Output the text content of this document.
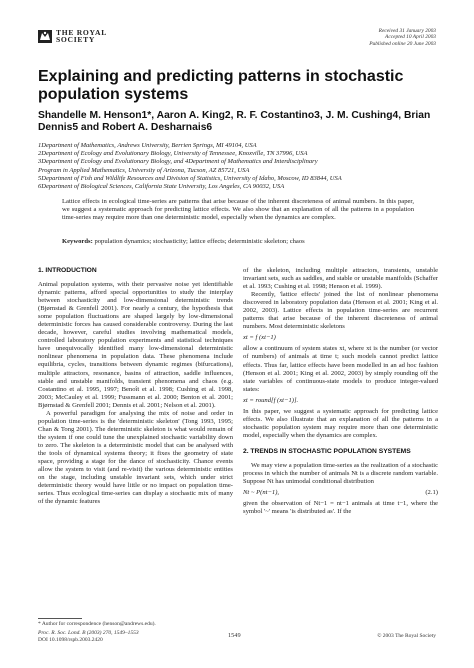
THE ROYAL
SOCIETY
Received 31 January 2003
Accepted 10 April 2003
Published online 20 June 2003
Explaining and predicting patterns in stochastic population systems
Shandelle M. Henson1*, Aaron A. King2, R. F. Costantino3, J. M. Cushing4, Brian Dennis5 and Robert A. Desharnais6
1Department of Mathematics, Andrews University, Berrien Springs, MI 49104, USA
2Department of Ecology and Evolutionary Biology, University of Tennessee, Knoxville, TN 37996, USA
3Department of Ecology and Evolutionary Biology, and 4Department of Mathematics and Interdisciplinary
Program in Applied Mathematics, University of Arizona, Tucson, AZ 85721, USA
5Department of Fish and Wildlife Resources and Division of Statistics, University of Idaho, Moscow, ID 83844, USA
6Department of Biological Sciences, California State University, Los Angeles, CA 90032, USA
Lattice effects in ecological time-series are patterns that arise because of the inherent discreteness of animal numbers. In this paper, we suggest a systematic approach for predicting lattice effects. We also show that an explanation of all the patterns in a population time-series may require more than one deterministic model, especially when the dynamics are complex.
Keywords: population dynamics; stochasticity; lattice effects; deterministic skeleton; chaos
1. INTRODUCTION

Animal population systems, with their pervasive noise yet identifiable dynamic patterns, afford special opportunities to study the interplay between stochasticity and low-dimensional deterministic trends (Bjørnstad & Grenfell 2001). For nearly a century, the hypothesis that some population fluctuations are shaped largely by low-dimensional deterministic forces has caused considerable controversy. During the last decade, however, careful studies involving mathematical models, controlled laboratory population experiments and statistical techniques have unequivocally identified many low-dimensional deterministic nonlinear phenomena in population data. These phenomena include equilibria, cycles, transitions between dynamic regimes (bifurcations), multiple attractors, resonance, basins of attraction, saddle influences, stable and unstable manifolds, transient phenomena and chaos (e.g. Costantino et al. 1995, 1997; Benoît et al. 1998; Cushing et al. 1998, 2003; McCauley et al. 1999; Fussmann et al. 2000; Benton et al. 2001; Bjørnstad & Grenfell 2001; Dennis et al. 2001; Nelson et al. 2001).

A powerful paradigm for analysing the mix of noise and order in population time-series is the 'deterministic skeleton' (Tong 1993, 1995; Chan & Tong 2001). The deterministic skeleton is what would remain of the system if one could tune the unexplained stochastic variability down to zero. The skeleton is a deterministic model that can be analysed with the tools of dynamical systems theory; it fixes the geometry of state space, providing a stage for the dance of stochasticity. Chance events allow the system to visit (and re-visit) the various deterministic entities on the stage, including unstable invariant sets, which under strict deterministic theory would have little or no impact on population time-series. Thus ecological time-series can display a stochastic mix of many of the dynamic features

of the skeleton, including multiple attractors, transients, unstable invariant sets, such as saddles, and stable or unstable manifolds (Schaffer et al. 1993; Cushing et al. 1998; Henson et al. 1999).

Recently, 'lattice effects' joined the list of nonlinear phenomena discovered in laboratory population data (Henson et al. 2001; King et al. 2002, 2003). Lattice effects in population time-series are recurrent patterns that arise because of the inherent discreteness of animal numbers. Most deterministic skeletons

xt = f (xt−1)

allow a continuum of system states xt, where xt is the number (or vector of numbers) of animals at time t; such models cannot predict lattice effects. Thus far, lattice effects have been modelled in an ad hoc fashion (Henson et al. 2001; King et al. 2002, 2003) by simply rounding off the state variables of continuous-state models to produce integer-valued states:

xt = round[f (xt−1)].

In this paper, we suggest a systematic approach for predicting lattice effects. We also illustrate that an explanation of all the patterns in a stochastic population system may require more than one deterministic model, especially when the dynamics are complex.

2. TRENDS IN STOCHASTIC POPULATION SYSTEMS

We may view a population time-series as the realization of a stochastic process in which the number of animals Nt is a discrete random variable. Suppose Nt has unimodal conditional distribution

Nt ~ P(nt−1),	(2.1)

given the observation of Nt−1 = nt−1 animals at time t−1, where the symbol '~' means 'is distributed as'. If the

* Author for correspondence (henson@andrews.edu).
Proc. R. Soc. Lond. B (2003) 270, 1549–1553
DOI 10.1098/rspb.2003.2420
1549	© 2003 The Royal Society
